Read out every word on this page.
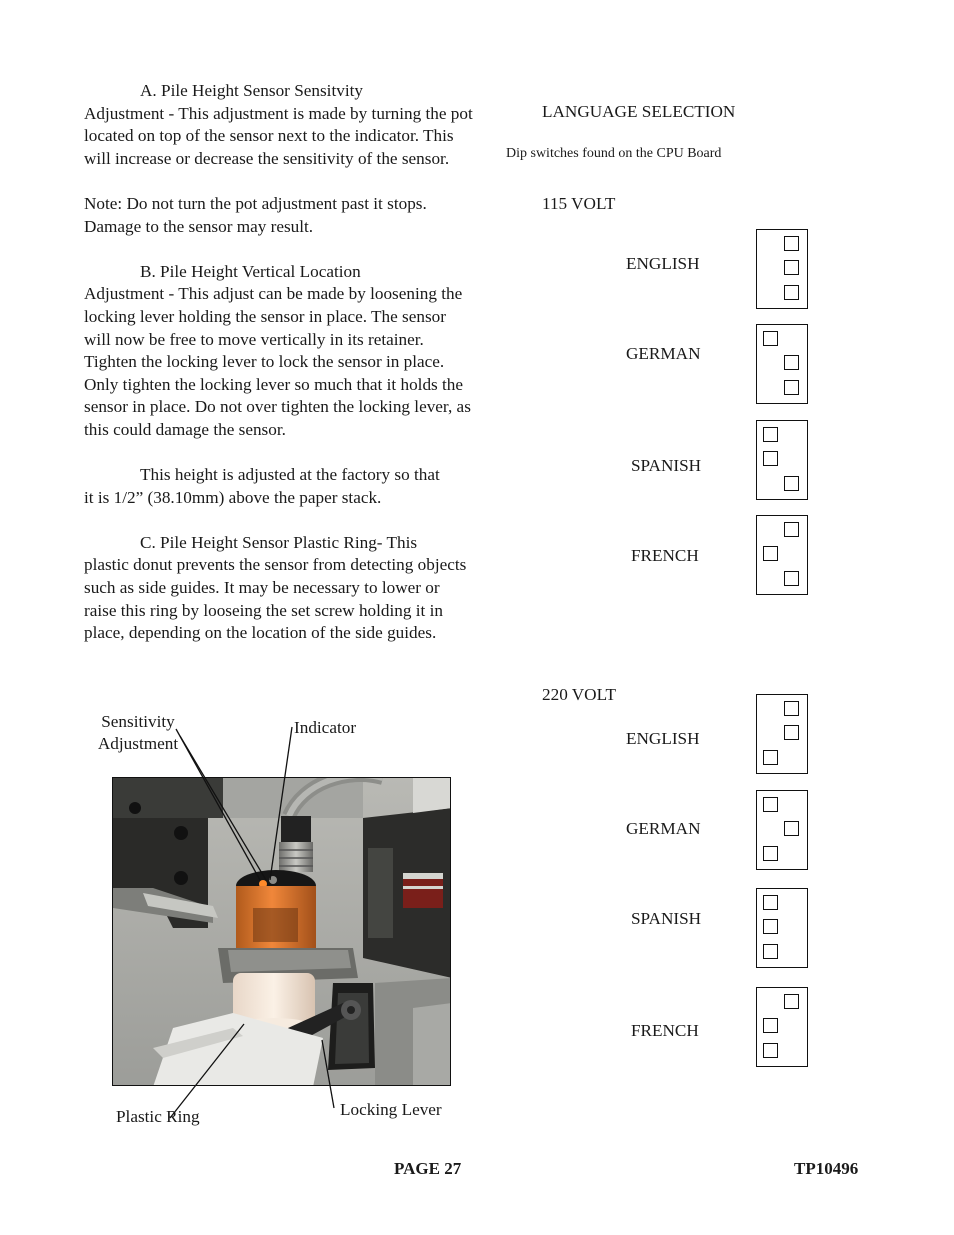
A. Pile Height Sensor Sensitvity
Adjustment - This adjustment is made by turning the pot located on top of the sensor next to the indicator. This will increase or decrease the sensitivity of the sensor.

Note: Do not turn the pot adjustment past it stops. Damage to the sensor may result.

B. Pile Height Vertical Location
Adjustment - This adjust can be made by loosening the locking lever holding the sensor in place. The sensor will now be free to move vertically in its retainer. Tighten the locking lever to lock the sensor in place. Only tighten the locking lever so much that it holds the sensor in place. Do not over tighten the locking lever, as this could damage the sensor.

This height is adjusted at the factory so that
it is 1/2” (38.10mm) above the paper stack.

C. Pile Height Sensor Plastic Ring- This
plastic donut prevents the sensor from detecting objects such as side guides. It may be necessary to lower or raise this ring by looseing the set screw holding it in place, depending on the location of the side guides.

Sensitivity
Adjustment
Indicator
Plastic Ring	Locking Lever
LANGUAGE SELECTION
Dip switches found on the CPU Board
115 VOLT
220 VOLT
ENGLISH
GERMAN
SPANISH
FRENCH
ENGLISH
GERMAN
SPANISH
FRENCH
PAGE 27	TP10496
